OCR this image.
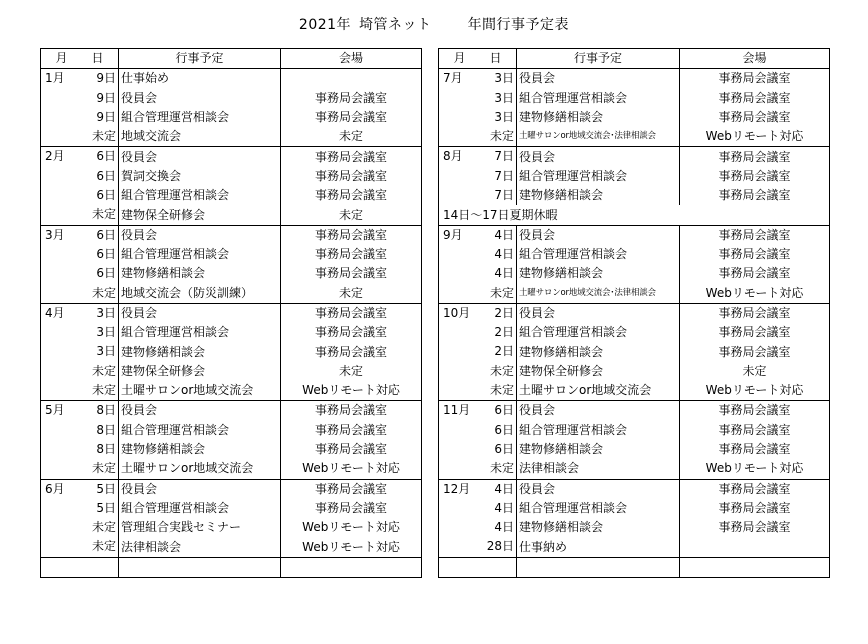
2021年 埼管ネット	年間行事予定表
月 日	行事予定	会場

1月 9日	仕事始め	

9日	役員会	事務局会議室

9日	組合管理運営相談会	事務局会議室

未定	地域交流会	未定

2月 6日	役員会	事務局会議室

6日	賀詞交換会	事務局会議室

6日	組合管理運営相談会	事務局会議室

未定	建物保全研修会	未定

3月 6日	役員会	事務局会議室

6日	組合管理運営相談会	事務局会議室

6日	建物修繕相談会	事務局会議室

未定	地域交流会（防災訓練）	未定

4月 3日	役員会	事務局会議室

3日	組合管理運営相談会	事務局会議室

3日	建物修繕相談会	事務局会議室

未定	建物保全研修会	未定

未定	土曜サロンor地域交流会	Webリモート対応

5月 8日	役員会	事務局会議室

8日	組合管理運営相談会	事務局会議室

8日	建物修繕相談会	事務局会議室

未定	土曜サロンor地域交流会	Webリモート対応

6月 5日	役員会	事務局会議室

5日	組合管理運営相談会	事務局会議室

未定	管理組合実践セミナー	Webリモート対応

未定	法律相談会	Webリモート対応

月 日	行事予定	会場

7月 3日	役員会	事務局会議室

3日	組合管理運営相談会	事務局会議室

3日	建物修繕相談会	事務局会議室

未定	土曜サロンor地域交流会･法律相談会	Webリモート対応

8月 7日	役員会	事務局会議室

7日	組合管理運営相談会	事務局会議室

7日	建物修繕相談会	事務局会議室
14日～17日夏期休暇		

9月 4日	役員会	事務局会議室

4日	組合管理運営相談会	事務局会議室

4日	建物修繕相談会	事務局会議室

未定	土曜サロンor地域交流会･法律相談会	Webリモート対応

10月 2日	役員会	事務局会議室

2日	組合管理運営相談会	事務局会議室

2日	建物修繕相談会	事務局会議室

未定	建物保全研修会	未定

未定	土曜サロンor地域交流会	Webリモート対応

11月 6日	役員会	事務局会議室

6日	組合管理運営相談会	事務局会議室

6日	建物修繕相談会	事務局会議室

未定	法律相談会	Webリモート対応

12月 4日	役員会	事務局会議室

4日	組合管理運営相談会	事務局会議室

4日	建物修繕相談会	事務局会議室

28日	仕事納め	
